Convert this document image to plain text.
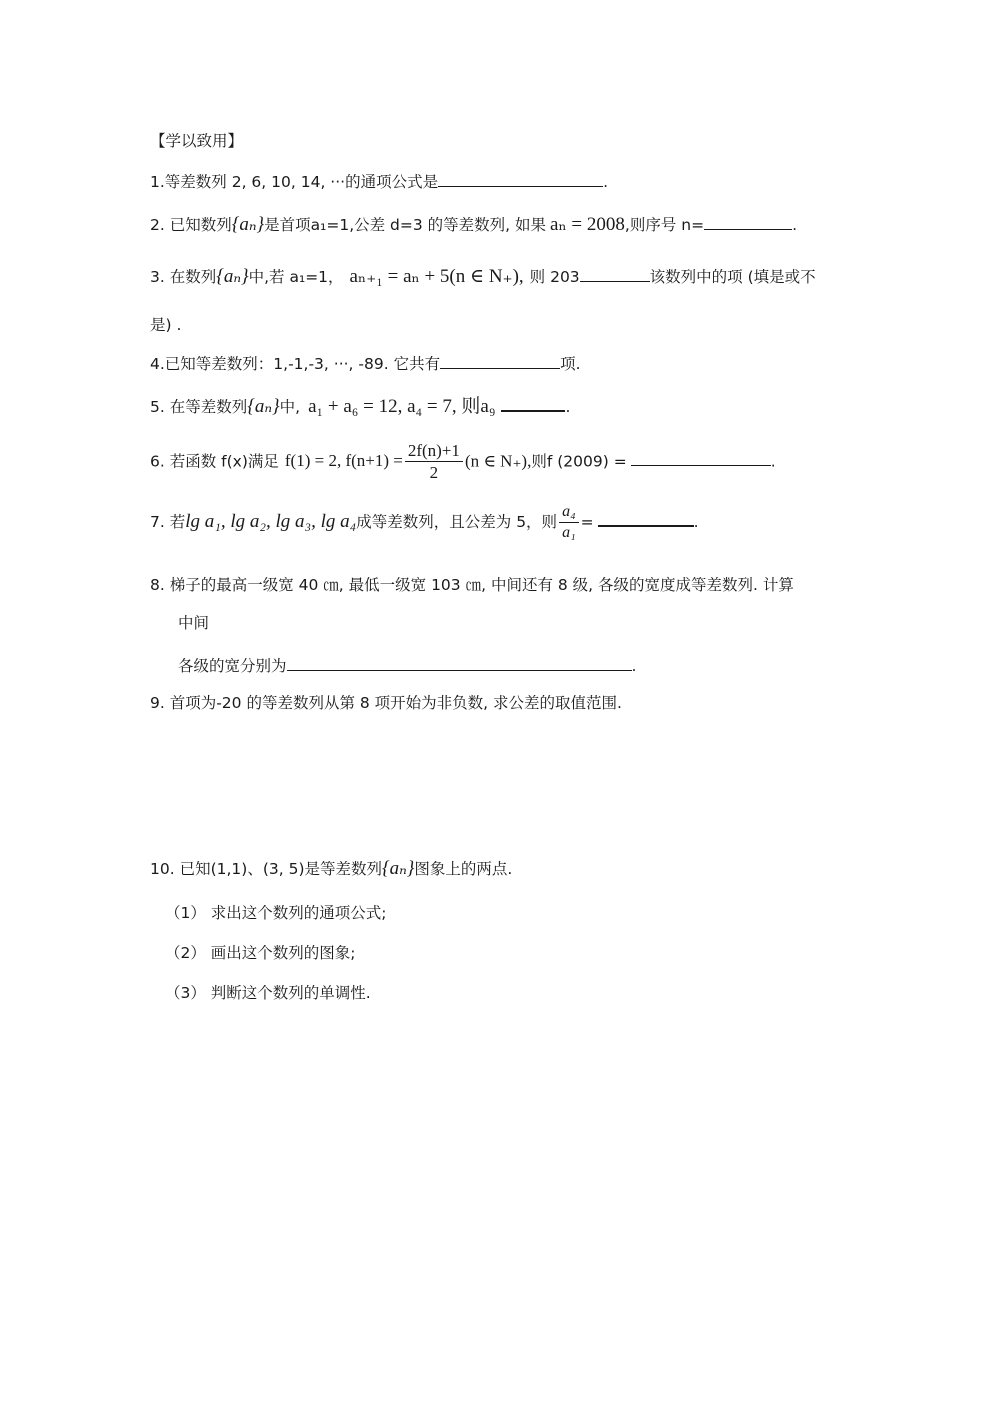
【学以致用】
1.等差数列 2, 6, 10, 14, ···的通项公式是	.
2. 已知数列{aₙ}是首项a₁=1,公差 d=3 的等差数列, 如果 aₙ = 2008,则序号 n=	.
3. 在数列{aₙ}中,若 a₁=1， aₙ₊₁ = aₙ + 5(n ∈ N₊), 则 203	该数列中的项 (填是或不
是) .
4.已知等差数列：1,-1,-3, ···, -89. 它共有	项.
5. 在等差数列{aₙ}中, a₁ + a₆ = 12, a₄ = 7, 则a₉	.
6. 若函数 f(x)满足 f(1) = 2, $f(n+1) = \frac{2f(n)+1}{2} (n$ ∈ N₊),则f (2009) =	.
7. 若lg a₁, lg a₂, lg a₃, lg a₄成等差数列，且公差为 5，则 $\frac{\text{a₄}}{\text{a₁}}$ =	.
8. 梯子的最高一级宽 40 ㎝, 最低一级宽 103 ㎝, 中间还有 8 级, 各级的宽度成等差数列. 计算
中间
各级的宽分别为	.
9. 首项为-20 的等差数列从第 8 项开始为非负数, 求公差的取值范围.
10. 已知(1,1)、(3, 5)是等差数列{aₙ}图象上的两点.
（1） 求出这个数列的通项公式;
（2） 画出这个数列的图象;
（3） 判断这个数列的单调性.
